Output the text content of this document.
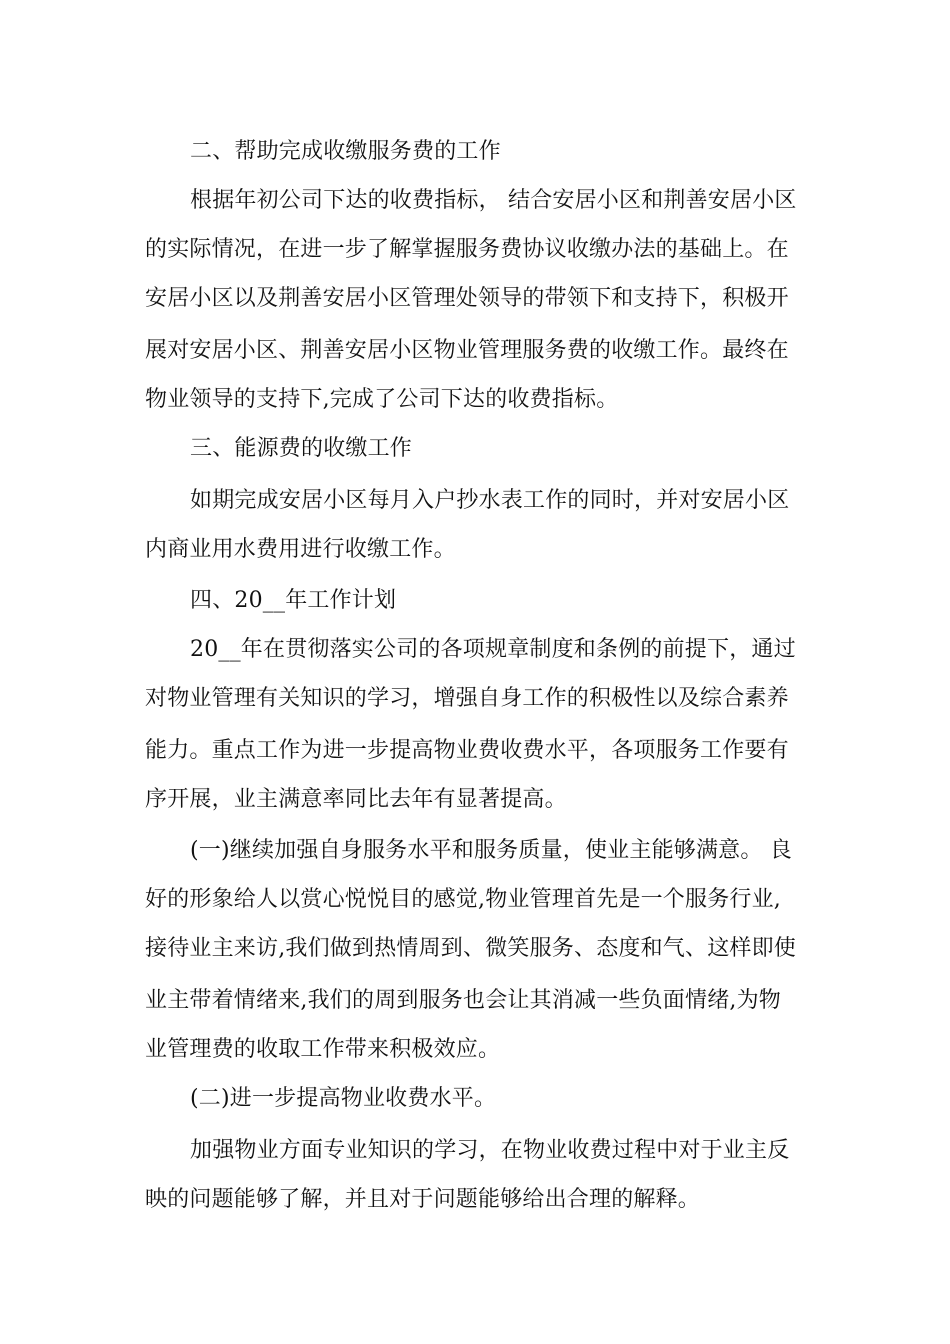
二、帮助完成收缴服务费的工作
根据年初公司下达的收费指标， 结合安居小区和荆善安居小区
的实际情况，在进一步了解掌握服务费协议收缴办法的基础上。在
安居小区以及荆善安居小区管理处领导的带领下和支持下，积极开
展对安居小区、荆善安居小区物业管理服务费的收缴工作。最终在
物业领导的支持下,完成了公司下达的收费指标。
三、能源费的收缴工作
如期完成安居小区每月入户抄水表工作的同时，并对安居小区
内商业用水费用进行收缴工作。
四、20__年工作计划
20__年在贯彻落实公司的各项规章制度和条例的前提下，通过
对物业管理有关知识的学习，增强自身工作的积极性以及综合素养
能力。重点工作为进一步提高物业费收费水平，各项服务工作要有
序开展，业主满意率同比去年有显著提高。
(一)继续加强自身服务水平和服务质量，使业主能够满意。 良
好的形象给人以赏心悦悦目的感觉,物业管理首先是一个服务行业,
接待业主来访,我们做到热情周到、微笑服务、态度和气、这样即使
业主带着情绪来,我们的周到服务也会让其消减一些负面情绪,为物
业管理费的收取工作带来积极效应。
(二)进一步提高物业收费水平。
加强物业方面专业知识的学习，在物业收费过程中对于业主反
映的问题能够了解，并且对于问题能够给出合理的解释。
